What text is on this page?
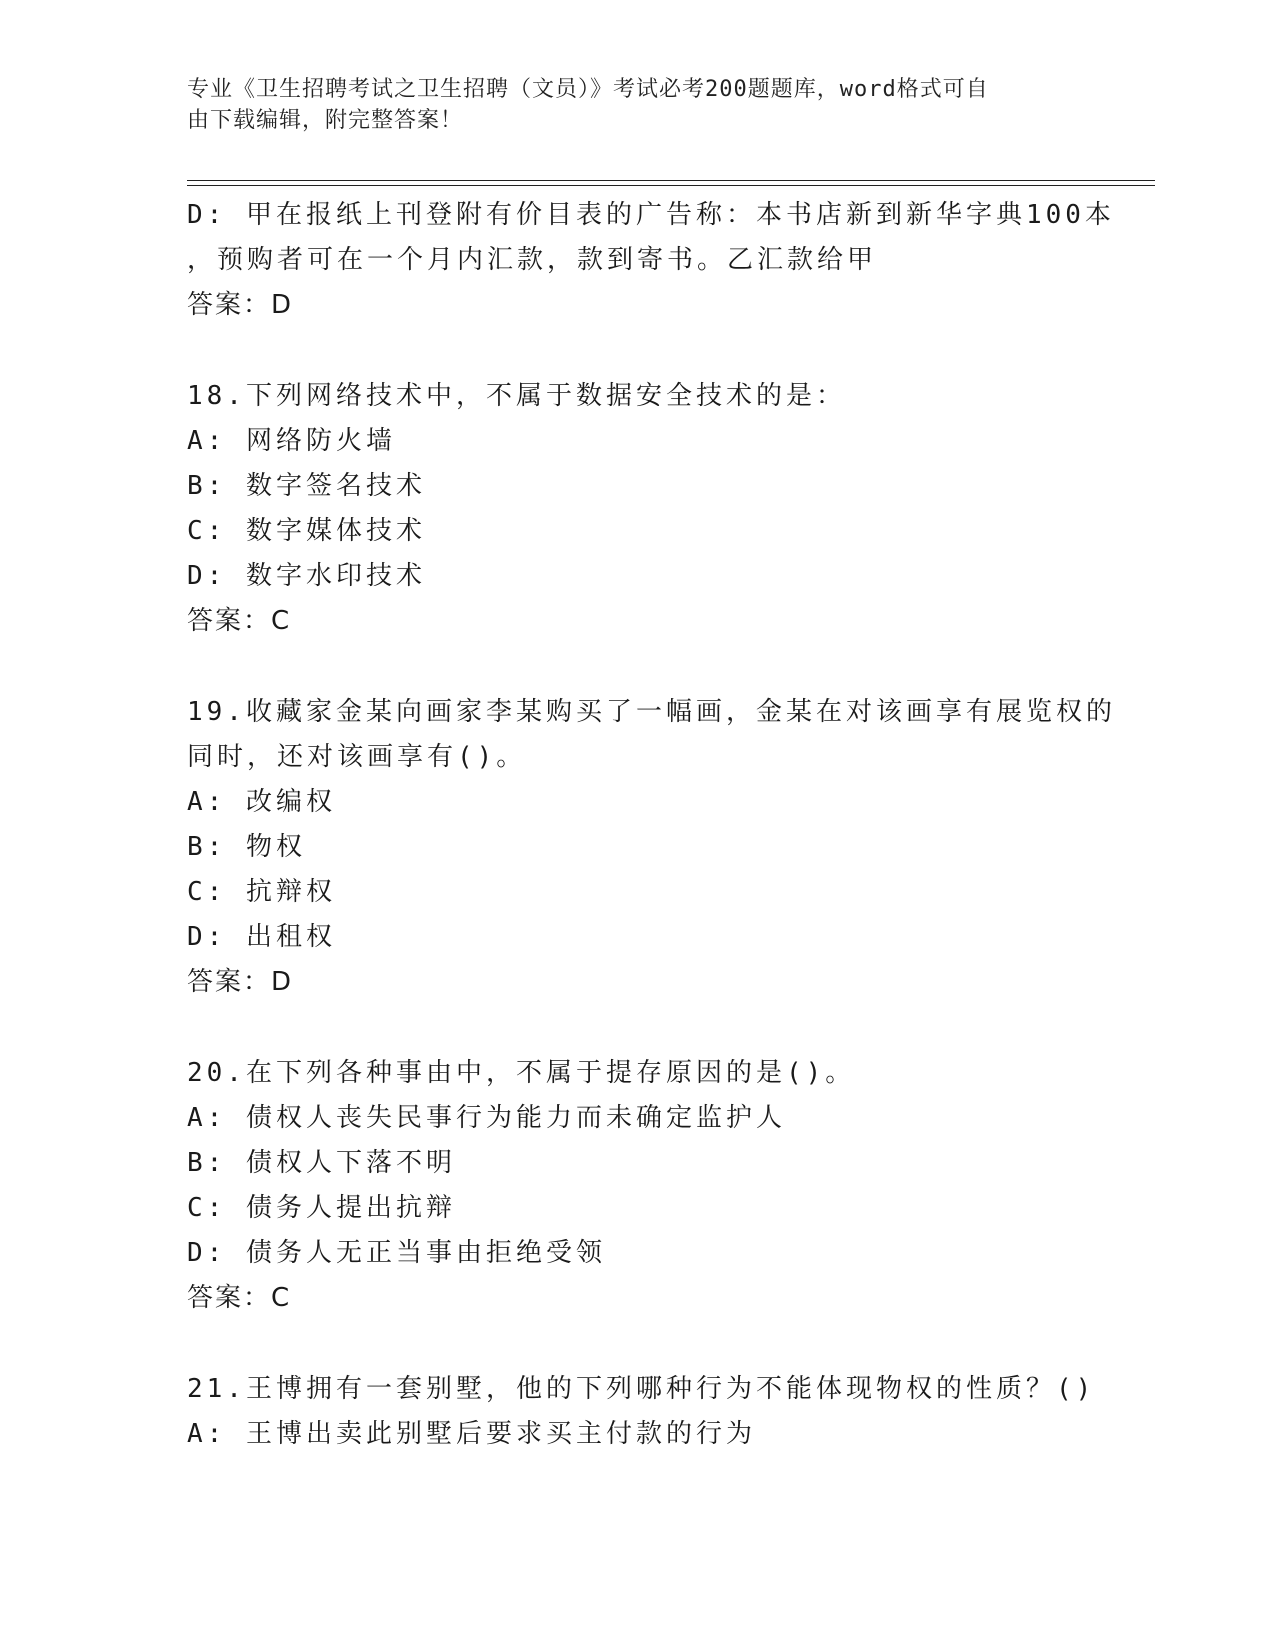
专业《卫生招聘考试之卫生招聘（文员）》考试必考200题题库，word格式可自
由下载编辑，附完整答案！
D: 甲在报纸上刊登附有价目表的广告称：本书店新到新华字典100本
，预购者可在一个月内汇款，款到寄书。乙汇款给甲
答案：D
18.下列网络技术中，不属于数据安全技术的是：
A: 网络防火墙
B: 数字签名技术
C: 数字媒体技术
D: 数字水印技术
答案：C
19.收藏家金某向画家李某购买了一幅画，金某在对该画享有展览权的
同时，还对该画享有()。
A: 改编权
B: 物权
C: 抗辩权
D: 出租权
答案：D
20.在下列各种事由中，不属于提存原因的是()。
A: 债权人丧失民事行为能力而未确定监护人
B: 债权人下落不明
C: 债务人提出抗辩
D: 债务人无正当事由拒绝受领
答案：C
21.王博拥有一套别墅，他的下列哪种行为不能体现物权的性质？()
A: 王博出卖此别墅后要求买主付款的行为
